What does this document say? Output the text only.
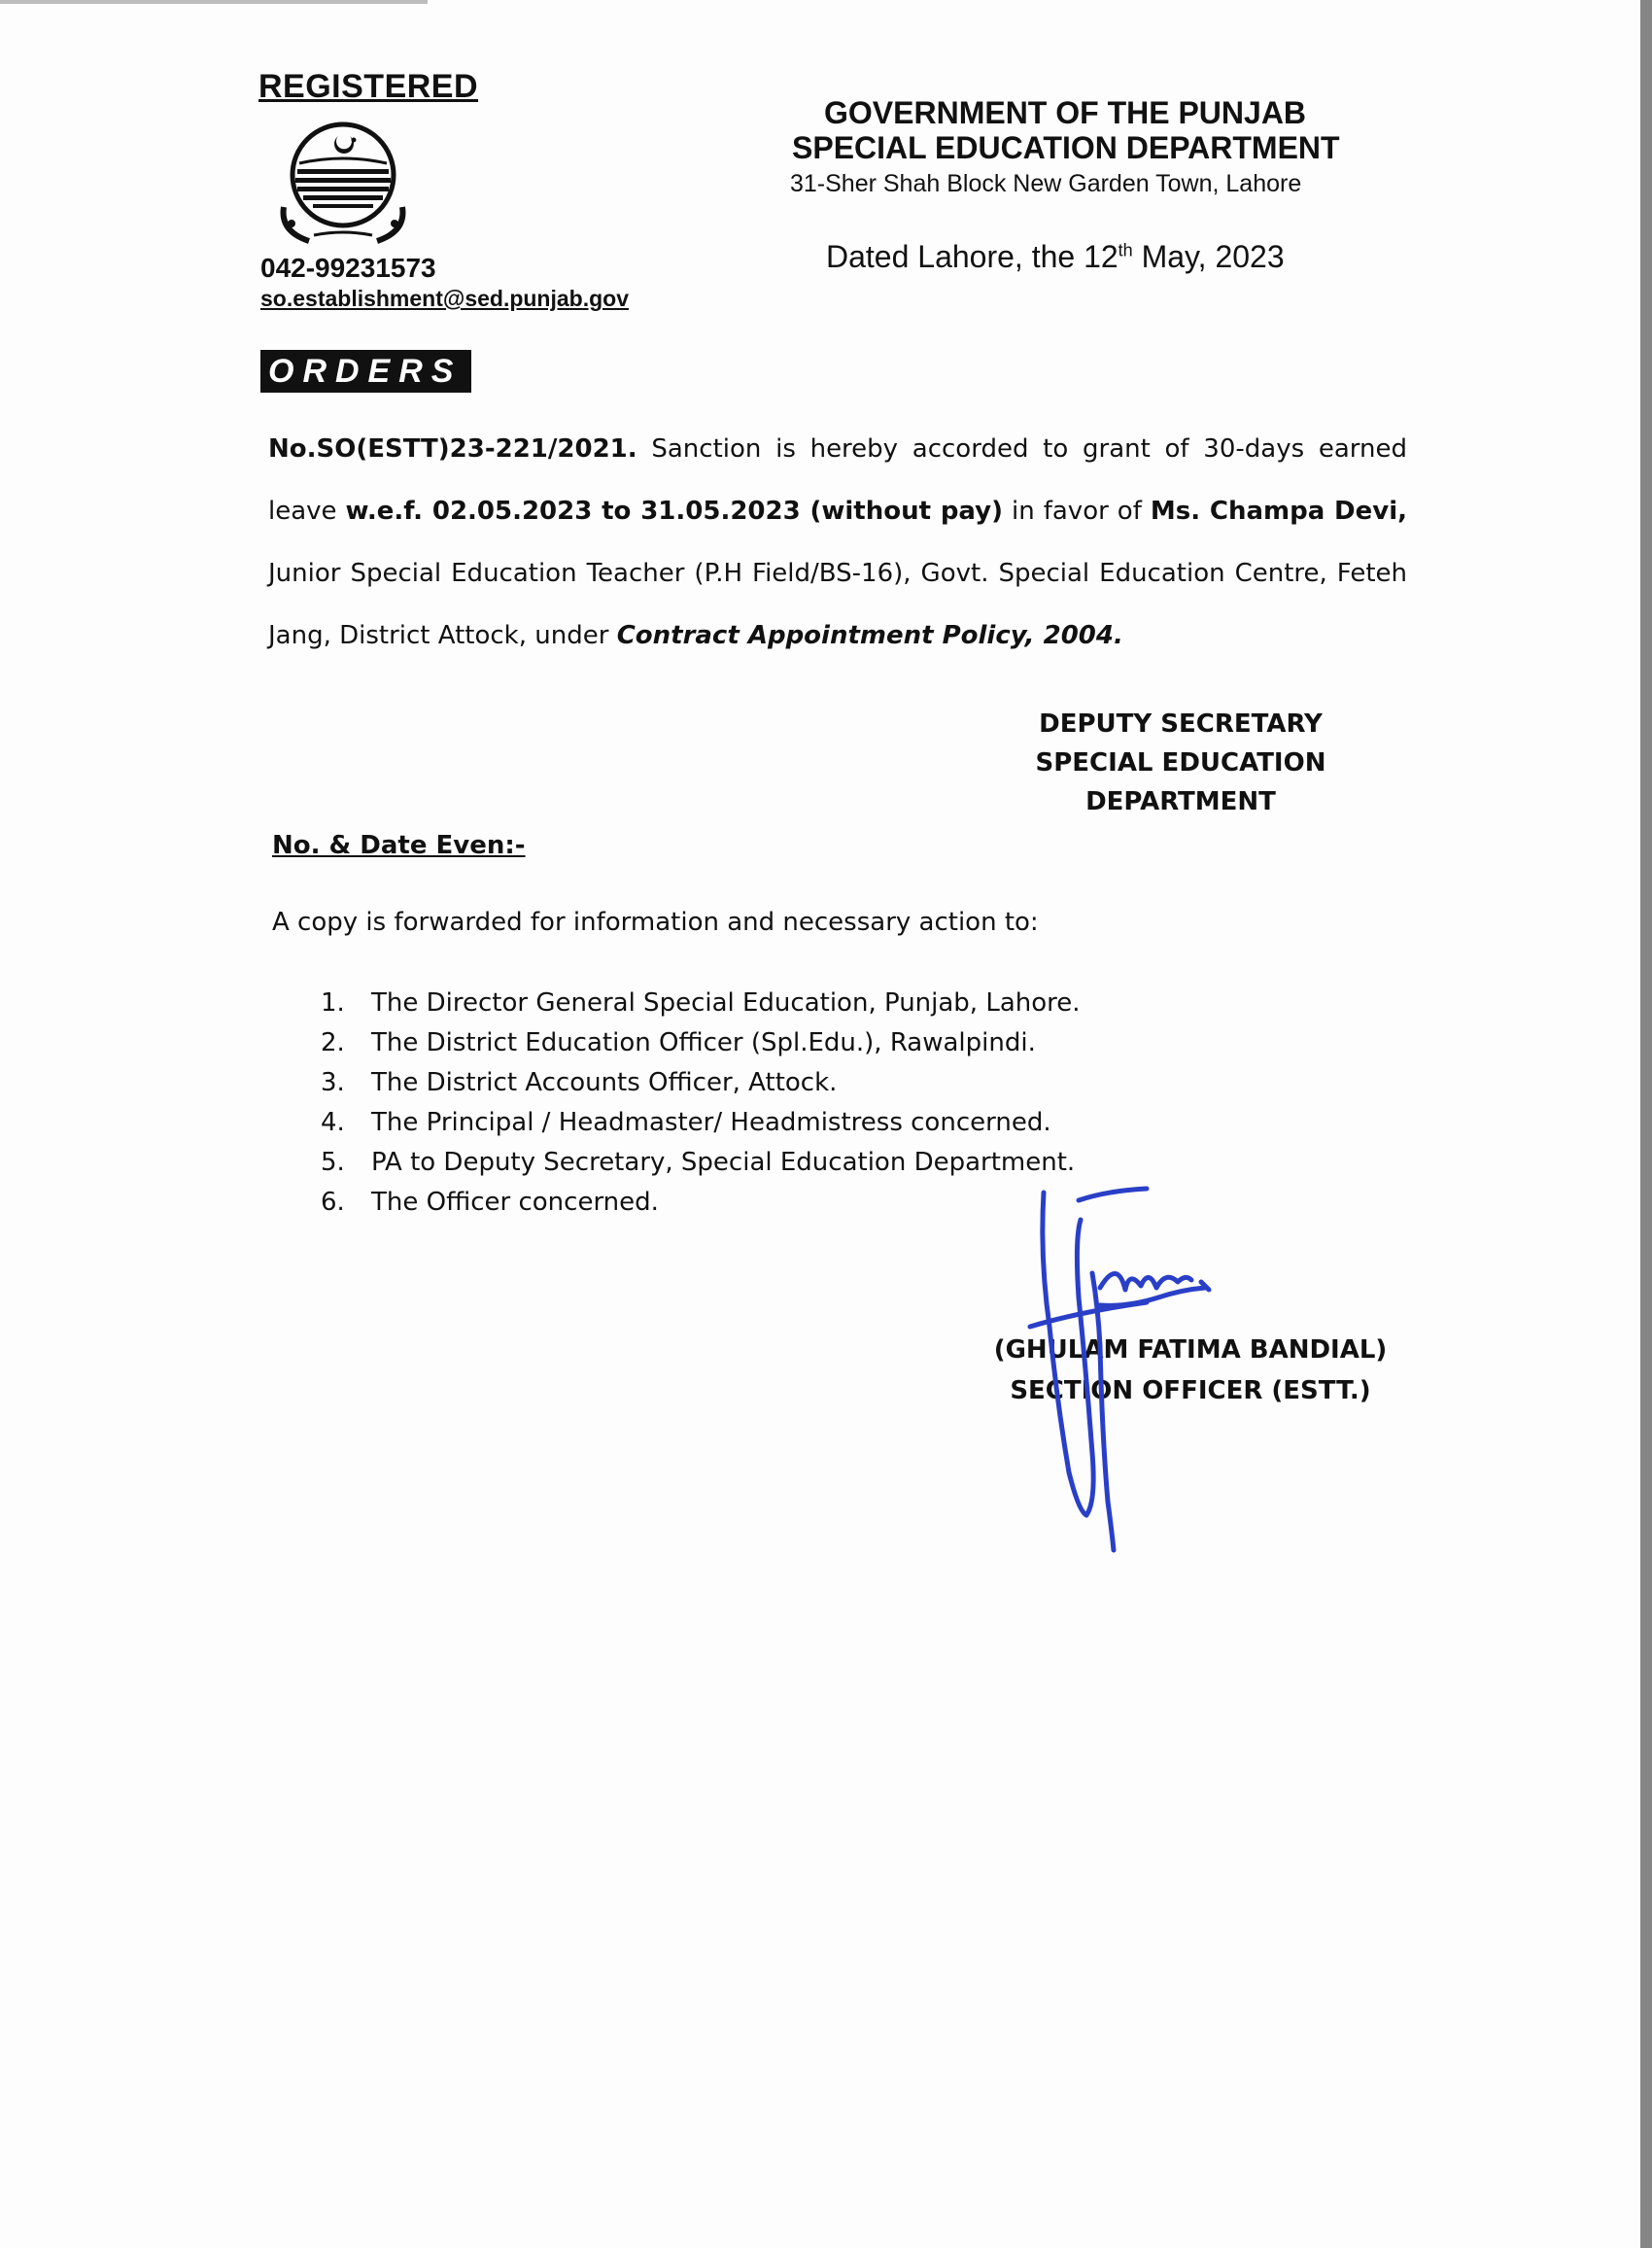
REGISTERED
042-99231573
so.establishment@sed.punjab.gov
GOVERNMENT OF THE PUNJAB
SPECIAL EDUCATION DEPARTMENT
31-Sher Shah Block New Garden Town, Lahore
Dated Lahore, the 12th May, 2023
ORDERS
No.SO(ESTT)23-221/2021. Sanction is hereby accorded to grant of 30-days earned leave w.e.f. 02.05.2023 to 31.05.2023 (without pay) in favor of Ms. Champa Devi, Junior Special Education Teacher (P.H Field/BS-16), Govt. Special Education Centre, Feteh Jang, District Attock, under Contract Appointment Policy, 2004.
DEPUTY SECRETARY
SPECIAL EDUCATION
DEPARTMENT
No. & Date Even:-
A copy is forwarded for information and necessary action to:
1. The Director General Special Education, Punjab, Lahore.
2. The District Education Officer (Spl.Edu.), Rawalpindi.
3. The District Accounts Officer, Attock.
4. The Principal / Headmaster/ Headmistress concerned.
5. PA to Deputy Secretary, Special Education Department.
6. The Officer concerned.
(GHULAM FATIMA BANDIAL)
SECTION OFFICER (ESTT.)
